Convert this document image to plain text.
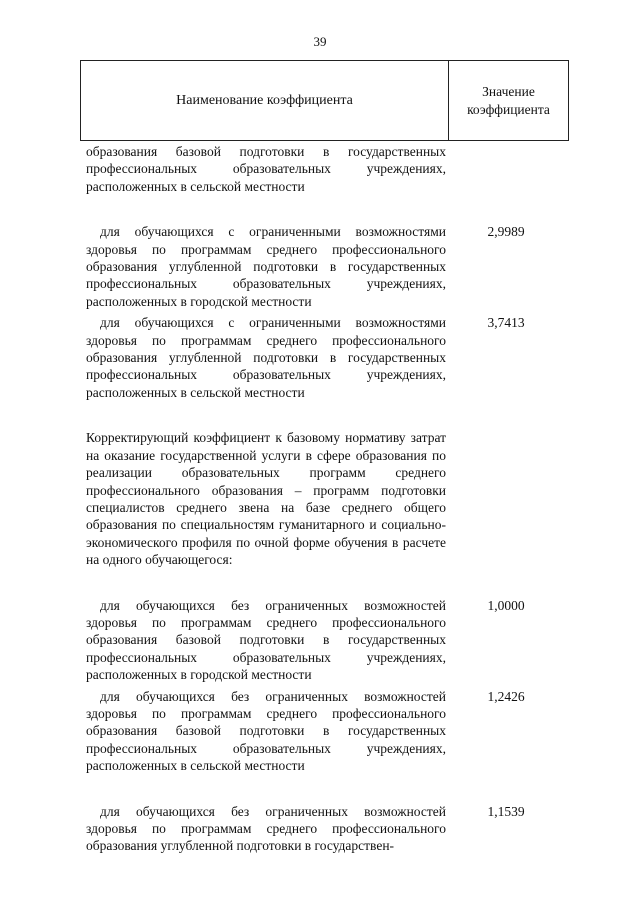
39
Наименование коэффициента
Значение
коэффициента
образования базовой подготовки в государственных профессиональных образовательных учреждениях, расположенных в сельской местности
для обучающихся с ограниченными возможностями здоровья по программам среднего профессионального образования углубленной подготовки в государственных профессиональных образовательных учреждениях, расположенных в городской местности
2,9989
для обучающихся с ограниченными возможностями здоровья по программам среднего профессионального образования углубленной подготовки в государственных профессиональных образовательных учреждениях, расположенных в сельской местности
3,7413
Корректирующий коэффициент к базовому нормативу затрат на оказание государственной услуги в сфере образования по реализации образовательных программ среднего профессионального образования – программ подготовки специалистов среднего звена на базе среднего общего образования по специальностям гуманитарного и социально-экономического профиля по очной форме обучения в расчете на одного обучающегося:
для обучающихся без ограниченных возможностей здоровья по программам среднего профессионального образования базовой подготовки в государственных профессиональных образовательных учреждениях, расположенных в городской местности
1,0000
для обучающихся без ограниченных возможностей здоровья по программам среднего профессионального образования базовой подготовки в государственных профессиональных образовательных учреждениях, расположенных в сельской местности
1,2426
для обучающихся без ограниченных возможностей здоровья по программам среднего профессионального образования углубленной подготовки в государствен-
1,1539
